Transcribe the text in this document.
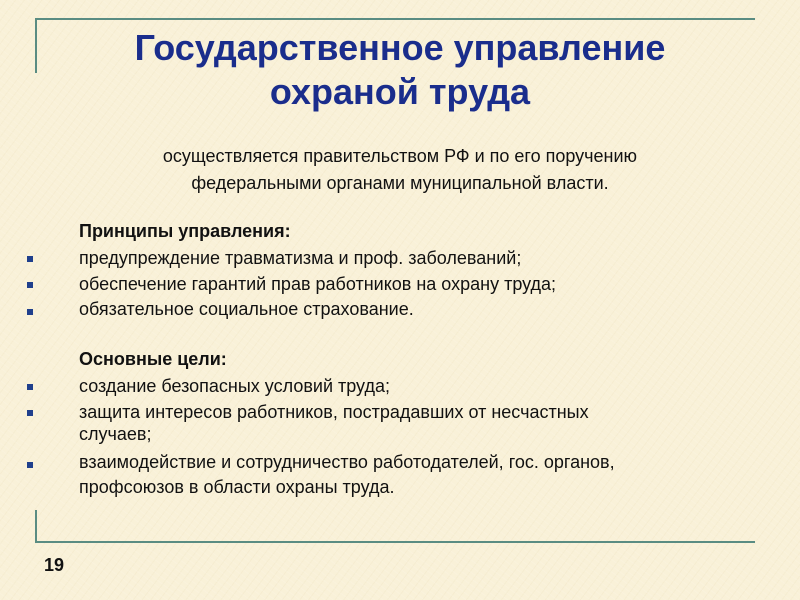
Государственное управление
охраной труда

осуществляется правительством РФ и по его поручению
федеральными органами муниципальной власти.

Принципы управления:
предупреждение травматизма и проф. заболеваний;
обеспечение гарантий прав работников на охрану труда;
обязательное социальное страхование.
Основные цели:
создание безопасных условий труда;
защита интересов работников, пострадавших от несчастных
случаев;
взаимодействие и сотрудничество работодателей, гос. органов,
профсоюзов в области охраны труда.
19
